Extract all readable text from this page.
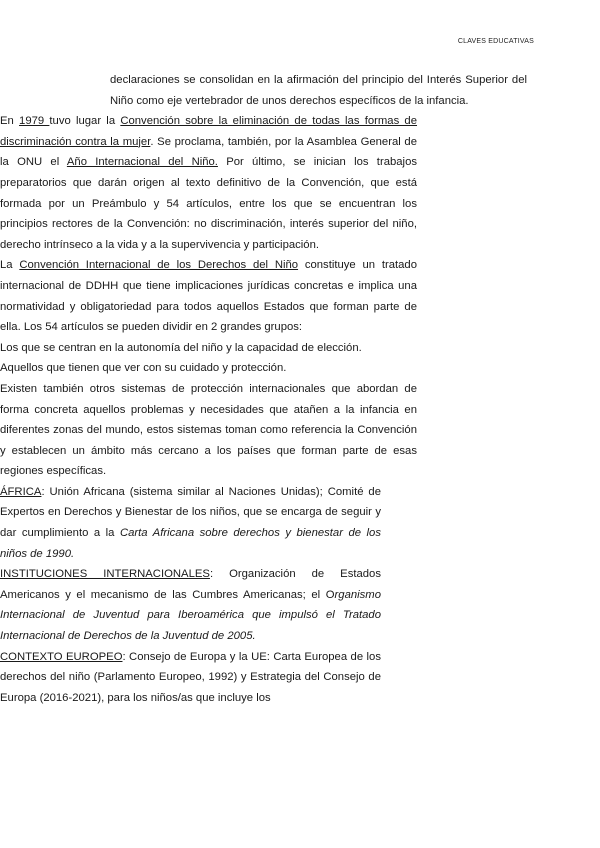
CLAVES EDUCATIVAS

declaraciones se consolidan en la afirmación del principio del Interés Superior del Niño como eje vertebrador de unos derechos específicos de la infancia.

En 1979 tuvo lugar la Convención sobre la eliminación de todas las formas de discriminación contra la mujer. Se proclama, también, por la Asamblea General de la ONU el Año Internacional del Niño. Por último, se inician los trabajos preparatorios que darán origen al texto definitivo de la Convención, que está formada por un Preámbulo y 54 artículos, entre los que se encuentran los principios rectores de la Convención: no discriminación, interés superior del niño, derecho intrínseco a la vida y a la supervivencia y participación.

La Convención Internacional de los Derechos del Niño constituye un tratado internacional de DDHH que tiene implicaciones jurídicas concretas e implica una normatividad y obligatoriedad para todos aquellos Estados que forman parte de ella. Los 54 artículos se pueden dividir en 2 grandes grupos:

Los que se centran en la autonomía del niño y la capacidad de elección.

Aquellos que tienen que ver con su cuidado y protección.

Existen también otros sistemas de protección internacionales que abordan de forma concreta aquellos problemas y necesidades que atañen a la infancia en diferentes zonas del mundo, estos sistemas toman como referencia la Convención y establecen un ámbito más cercano a los países que forman parte de esas regiones específicas.

ÁFRICA: Unión Africana (sistema similar al Naciones Unidas); Comité de Expertos en Derechos y Bienestar de los niños, que se encarga de seguir y dar cumplimiento a la Carta Africana sobre derechos y bienestar de los niños de 1990.

INSTITUCIONES INTERNACIONALES: Organización de Estados Americanos y el mecanismo de las Cumbres Americanas; el Organismo Internacional de Juventud para Iberoamérica que impulsó el Tratado Internacional de Derechos de la Juventud de 2005.

CONTEXTO EUROPEO: Consejo de Europa y la UE: Carta Europea de los derechos del niño (Parlamento Europeo, 1992) y Estrategia del Consejo de Europa (2016-2021), para los niños/as que incluye los
